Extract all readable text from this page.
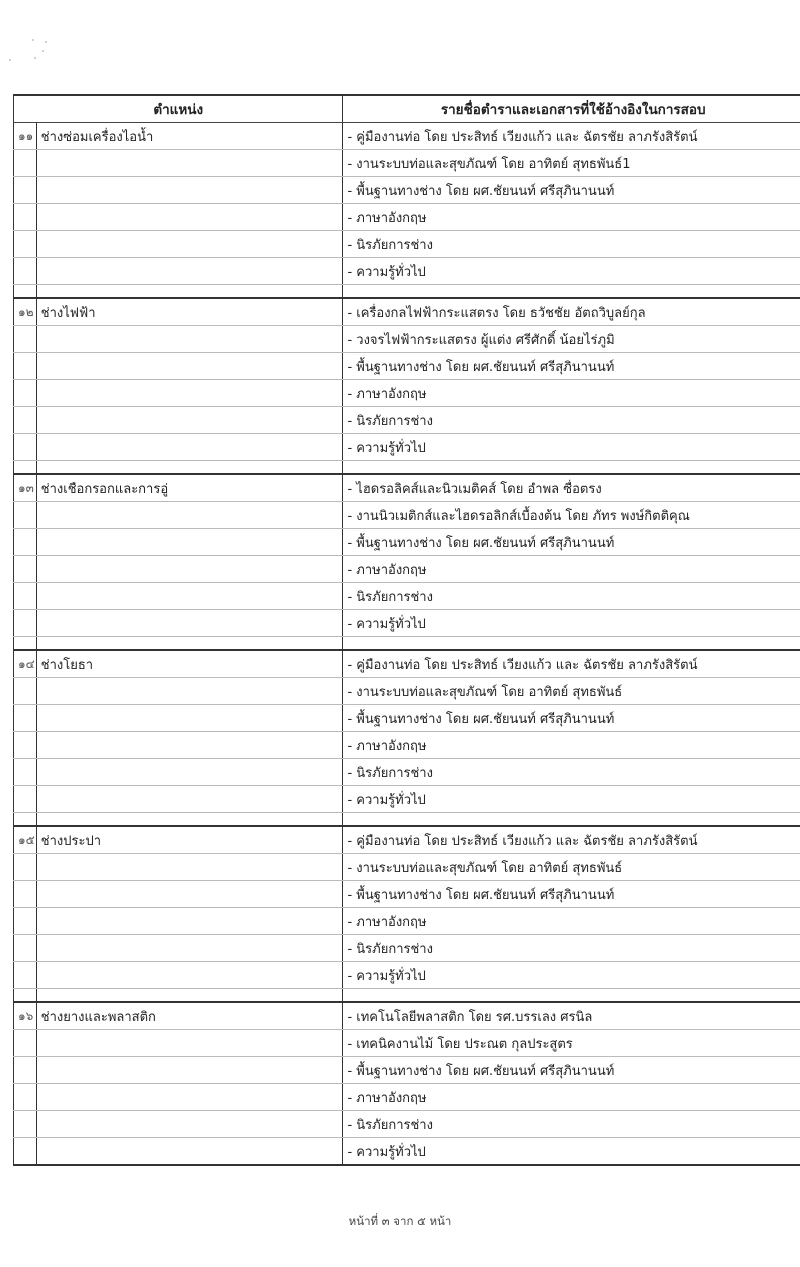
ตำแหน่ง		รายชื่อตำราและเอกสารที่ใช้อ้างอิงในการสอบ
๑๑	ช่างซ่อมเครื่องไอน้ำ	- คู่มืองานท่อ โดย ประสิทธ์ เวียงแก้ว และ ฉัตรชัย ลาภรังสิรัตน์
		- งานระบบท่อและสุขภัณฑ์ โดย อาทิตย์ สุทธพันธ์1
		- พื้นฐานทางช่าง โดย ผศ.ชัยนนท์ ศรีสุภินานนท์
		- ภาษาอังกฤษ
		- นิรภัยการช่าง
		- ความรู้ทั่วไป

๑๒	ช่างไฟฟ้า	- เครื่องกลไฟฟ้ากระแสตรง โดย ธวัชชัย อัตถวิบูลย์กุล
		- วงจรไฟฟ้ากระแสตรง ผู้แต่ง ศรีศักดิ์ น้อยไร่ภูมิ
		- พื้นฐานทางช่าง โดย ผศ.ชัยนนท์ ศรีสุภินานนท์
		- ภาษาอังกฤษ
		- นิรภัยการช่าง
		- ความรู้ทั่วไป

๑๓	ช่างเชือกรอกและการอู่	- ไฮดรอลิคส์และนิวเมติคส์ โดย อำพล ซื่อตรง
		- งานนิวเมติกส์และไฮดรอลิกส์เบื้องต้น โดย ภัทร พงษ์กิตติคุณ
		- พื้นฐานทางช่าง โดย ผศ.ชัยนนท์ ศรีสุภินานนท์
		- ภาษาอังกฤษ
		- นิรภัยการช่าง
		- ความรู้ทั่วไป

๑๔	ช่างโยธา	- คู่มืองานท่อ โดย ประสิทธ์ เวียงแก้ว และ ฉัตรชัย ลาภรังสิรัตน์
		- งานระบบท่อและสุขภัณฑ์ โดย อาทิตย์ สุทธพันธ์
		- พื้นฐานทางช่าง โดย ผศ.ชัยนนท์ ศรีสุภินานนท์
		- ภาษาอังกฤษ
		- นิรภัยการช่าง
		- ความรู้ทั่วไป

๑๕	ช่างประปา	- คู่มืองานท่อ โดย ประสิทธ์ เวียงแก้ว และ ฉัตรชัย ลาภรังสิรัตน์
		- งานระบบท่อและสุขภัณฑ์ โดย อาทิตย์ สุทธพันธ์
		- พื้นฐานทางช่าง โดย ผศ.ชัยนนท์ ศรีสุภินานนท์
		- ภาษาอังกฤษ
		- นิรภัยการช่าง
		- ความรู้ทั่วไป

๑๖	ช่างยางและพลาสติก	- เทคโนโลยีพลาสติก โดย รศ.บรรเลง ศรนิล
		- เทคนิคงานไม้ โดย ประณต กุลประสูตร
		- พื้นฐานทางช่าง โดย ผศ.ชัยนนท์ ศรีสุภินานนท์
		- ภาษาอังกฤษ
		- นิรภัยการช่าง
		- ความรู้ทั่วไป
หน้าที่ ๓ จาก ๕ หน้า
